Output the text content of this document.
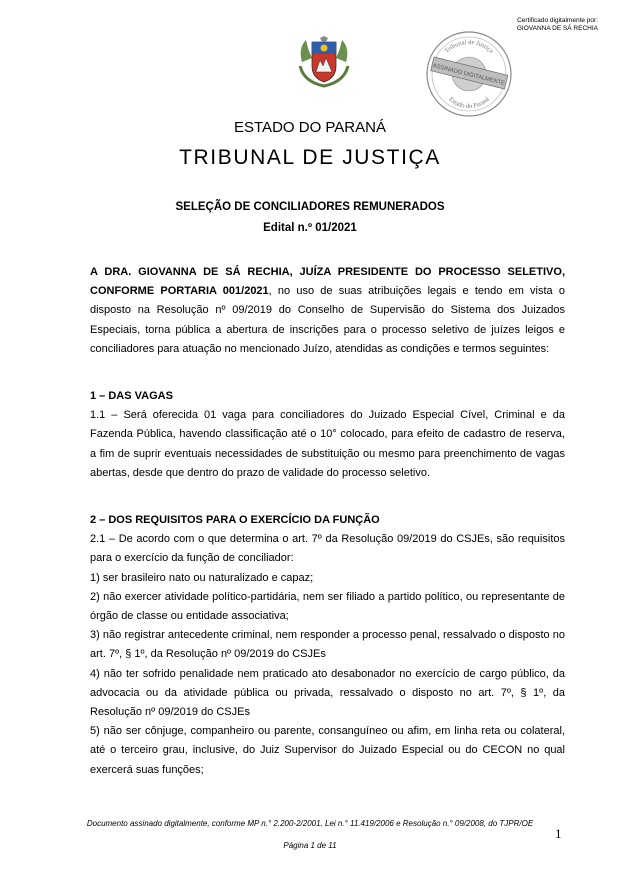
Certificado digitalmente por:
GIOVANNA DE SÁ RECHIA
Tribunal de Justiça
Estado do Paraná
ASSINADO DIGITALMENTE
ESTADO DO PARANÁ
TRIBUNAL DE JUSTIÇA
SELEÇÃO DE CONCILIADORES REMUNERADOS
Edital n.º 01/2021

A DRA. GIOVANNA DE SÁ RECHIA, JUÍZA PRESIDENTE DO PROCESSO SELETIVO, CONFORME PORTARIA 001/2021, no uso de suas atribuições legais e tendo em vista o disposto na Resolução nº 09/2019 do Conselho de Supervisão do Sistema dos Juizados Especiais, torna pública a abertura de inscrições para o processo seletivo de juízes leigos e conciliadores para atuação no mencionado Juízo, atendidas as condições e termos seguintes:

1 – DAS VAGAS

1.1 – Será oferecida 01 vaga para conciliadores do Juizado Especial Cível, Criminal e da Fazenda Pública, havendo classificação até o 10° colocado, para efeito de cadastro de reserva, a fim de suprir eventuais necessidades de substituição ou mesmo para preenchimento de vagas abertas, desde que dentro do prazo de validade do processo seletivo.

2 – DOS REQUISITOS PARA O EXERCÍCIO DA FUNÇÃO

2.1 – De acordo com o que determina o art. 7º da Resolução 09/2019 do CSJEs, são requisitos para o exercício da função de conciliador:

1) ser brasileiro nato ou naturalizado e capaz;

2) não exercer atividade político-partidária, nem ser filiado a partido político, ou representante de órgão de classe ou entidade associativa;

3) não registrar antecedente criminal, nem responder a processo penal, ressalvado o disposto no art. 7º, § 1º, da Resolução nº 09/2019 do CSJEs

4) não ter sofrido penalidade nem praticado ato desabonador no exercício de cargo público, da advocacia ou da atividade pública ou privada, ressalvado o disposto no art. 7º, § 1º, da Resolução nº 09/2019 do CSJEs

5) não ser cônjuge, companheiro ou parente, consanguíneo ou afim, em linha reta ou colateral, até o terceiro grau, inclusive, do Juiz Supervisor do Juizado Especial ou do CECON no qual exercerá suas funções;

Documento assinado digitalmente, conforme MP n.° 2.200-2/2001, Lei n.° 11.419/2006 e Resolução n.° 09/2008, do TJPR/OE
1
Página 1 de 11
